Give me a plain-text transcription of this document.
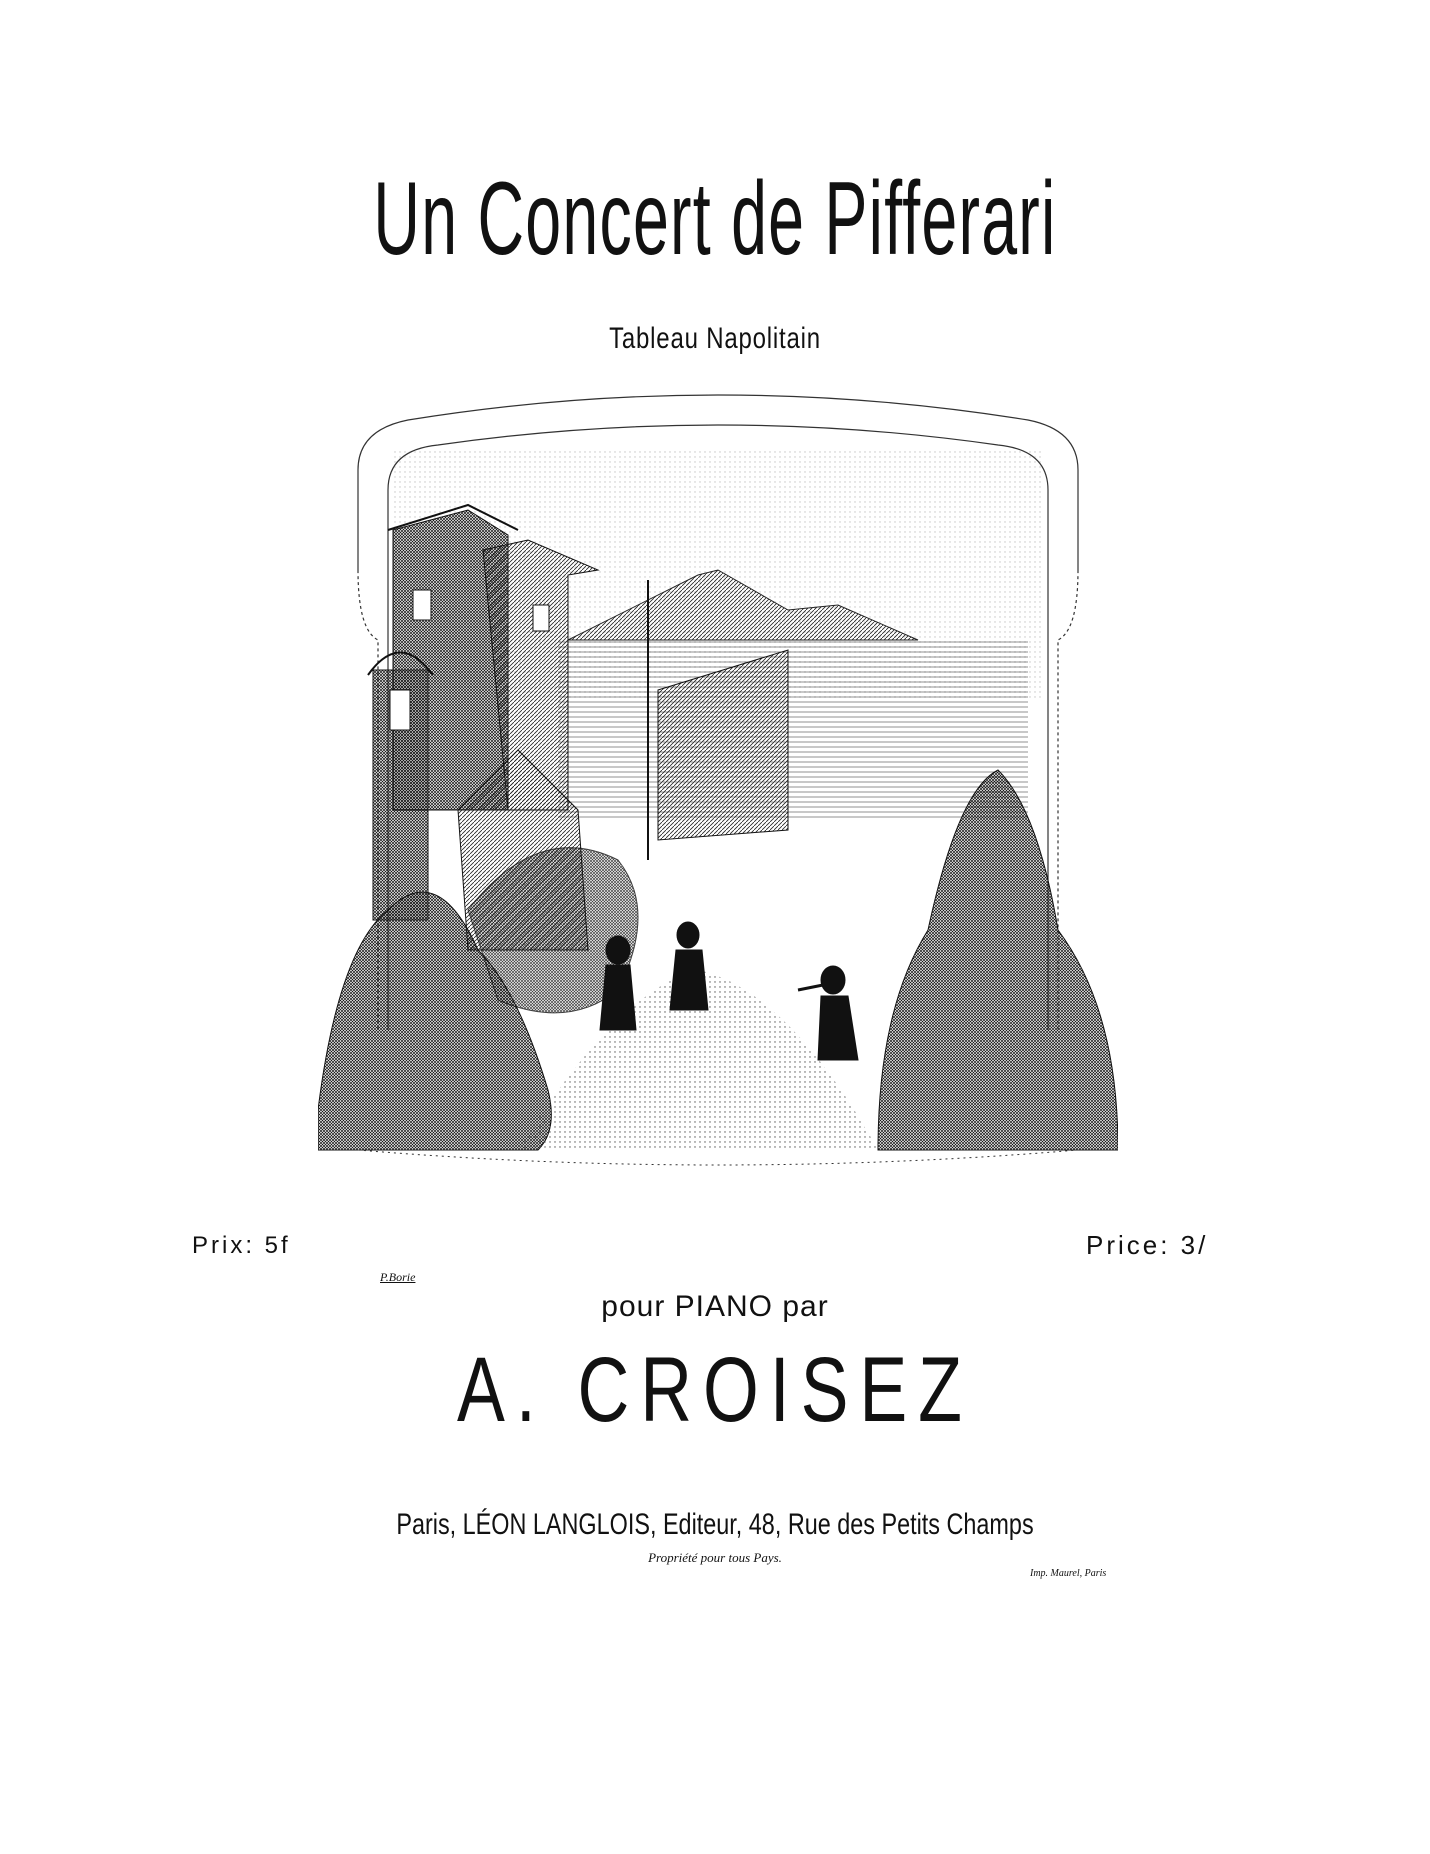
Un Concert de Pifferari
Tableau Napolitain
Prix: 5f	Price: 3/
P.Borie
pour PIANO par
A. CROISEZ
Paris, LÉON LANGLOIS, Editeur, 48, Rue des Petits Champs
Propriété pour tous Pays.
Imp. Maurel, Paris
